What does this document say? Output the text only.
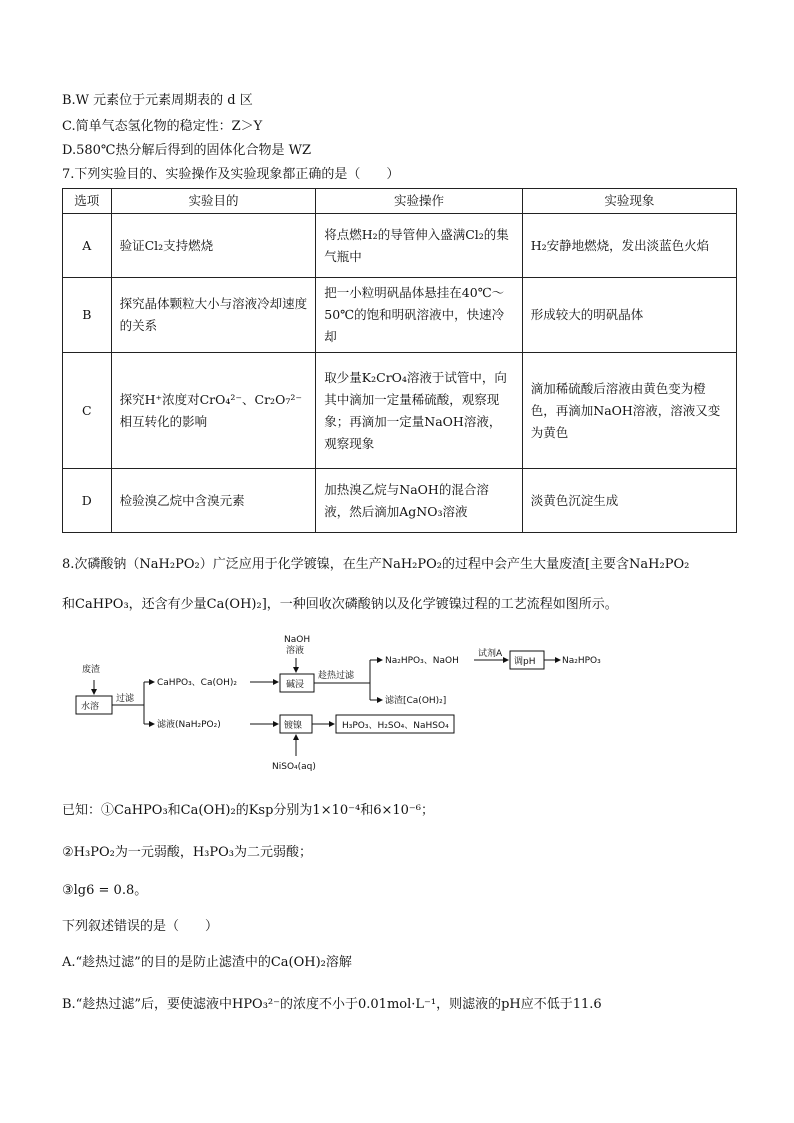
B.W 元素位于元素周期表的 d 区
C.简单气态氢化物的稳定性：Z＞Y
D.580℃热分解后得到的固体化合物是 WZ
7.下列实验目的、实验操作及实验现象都正确的是（　　）
选项	实验目的	实验操作	实验现象
A	验证Cl₂支持燃烧	将点燃H₂的导管伸入盛满Cl₂的集气瓶中	H₂安静地燃烧，发出淡蓝色火焰
B	探究晶体颗粒大小与溶液冷却速度的关系	把一小粒明矾晶体悬挂在40℃～50℃的饱和明矾溶液中，快速冷却	形成较大的明矾晶体
C	探究H⁺浓度对CrO₄²⁻、Cr₂O₇²⁻相互转化的影响	取少量K₂CrO₄溶液于试管中，向其中滴加一定量稀硫酸，观察现象；再滴加一定量NaOH溶液，观察现象	滴加稀硫酸后溶液由黄色变为橙色，再滴加NaOH溶液，溶液又变为黄色
D	检验溴乙烷中含溴元素	加热溴乙烷与NaOH的混合溶液，然后滴加AgNO₃溶液	淡黄色沉淀生成
8.次磷酸钠（NaH₂PO₂）广泛应用于化学镀镍，在生产NaH₂PO₂的过程中会产生大量废渣[主要含NaH₂PO₂
和CaHPO₃，还含有少量Ca(OH)₂]，一种回收次磷酸钠以及化学镀镍过程的工艺流程如图所示。
废渣
水溶
过滤
CaHPO₃、Ca(OH)₂
NaOH
溶液
碱浸
趁热过滤
Na₂HPO₃、NaOH
试剂A
调pH	Na₂HPO₃
滤渣[Ca(OH)₂]
滤液(NaH₂PO₂)	镀镍	H₃PO₃、H₂SO₄、NaHSO₄
NiSO₄(aq)
已知：①CaHPO₃和Ca(OH)₂的Ksp分别为1×10⁻⁴和6×10⁻⁶；
②H₃PO₂为一元弱酸，H₃PO₃为二元弱酸；
③lg6 = 0.8。
下列叙述错误的是（　　）
A.“趁热过滤”的目的是防止滤渣中的Ca(OH)₂溶解
B.“趁热过滤”后，要使滤液中HPO₃²⁻的浓度不小于0.01mol·L⁻¹，则滤液的pH应不低于11.6
